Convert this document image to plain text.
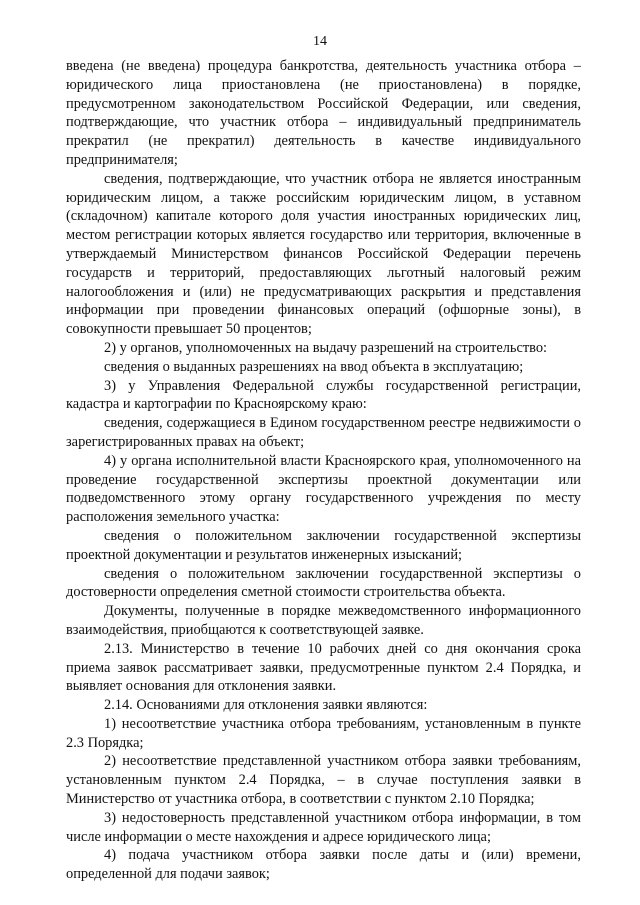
14

введена (не введена) процедура банкротства, деятельность участника отбора – юридического лица приостановлена (не приостановлена) в порядке, предусмотренном законодательством Российской Федерации, или сведения, подтверждающие, что участник отбора – индивидуальный предприниматель прекратил (не прекратил) деятельность в качестве индивидуального предпринимателя;

сведения, подтверждающие, что участник отбора не является иностранным юридическим лицом, а также российским юридическим лицом, в уставном (складочном) капитале которого доля участия иностранных юридических лиц, местом регистрации которых является государство или территория, включенные в утверждаемый Министерством финансов Российской Федерации перечень государств и территорий, предоставляющих льготный налоговый режим налогообложения и (или) не предусматривающих раскрытия и представления информации при проведении финансовых операций (офшорные зоны), в совокупности превышает 50 процентов;

2) у органов, уполномоченных на выдачу разрешений на строительство:

сведения о выданных разрешениях на ввод объекта в эксплуатацию;

3) у Управления Федеральной службы государственной регистрации, кадастра и картографии по Красноярскому краю:

сведения, содержащиеся в Едином государственном реестре недвижимости о зарегистрированных правах на объект;

4) у органа исполнительной власти Красноярского края, уполномоченного на проведение государственной экспертизы проектной документации или подведомственного этому органу государственного учреждения по месту расположения земельного участка:

сведения о положительном заключении государственной экспертизы проектной документации и результатов инженерных изысканий;

сведения о положительном заключении государственной экспертизы о достоверности определения сметной стоимости строительства объекта.

Документы, полученные в порядке межведомственного информационного взаимодействия, приобщаются к соответствующей заявке.

2.13. Министерство в течение 10 рабочих дней со дня окончания срока приема заявок рассматривает заявки, предусмотренные пунктом 2.4 Порядка, и выявляет основания для отклонения заявки.

2.14. Основаниями для отклонения заявки являются:

1) несоответствие участника отбора требованиям, установленным в пункте 2.3 Порядка;

2) несоответствие представленной участником отбора заявки требованиям, установленным пунктом 2.4 Порядка, – в случае поступления заявки в Министерство от участника отбора, в соответствии с пунктом 2.10 Порядка;

3) недостоверность представленной участником отбора информации, в том числе информации о месте нахождения и адресе юридического лица;

4) подача участником отбора заявки после даты и (или) времени, определенной для подачи заявок;
